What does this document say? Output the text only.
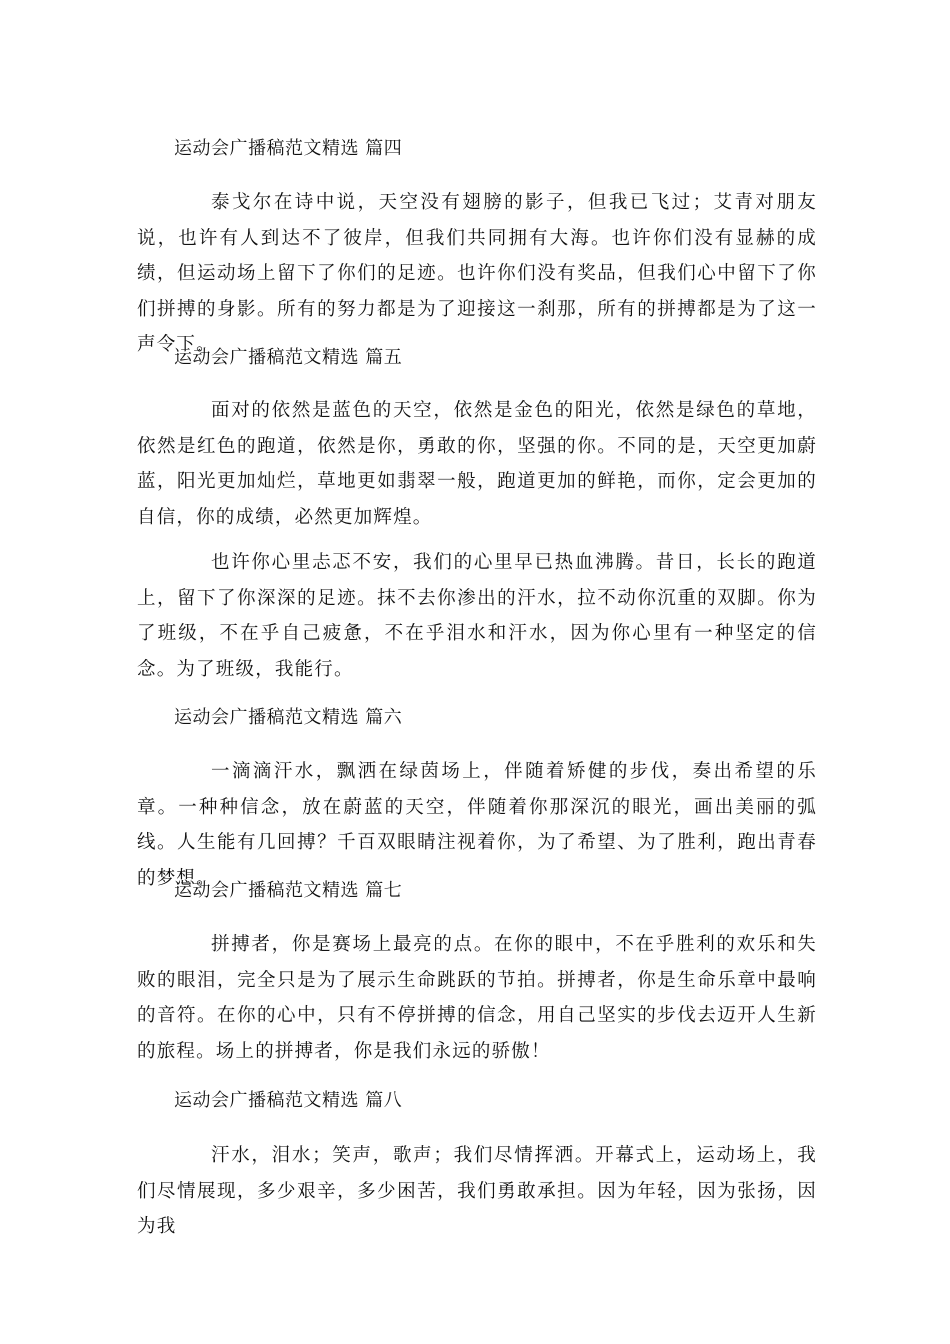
运动会广播稿范文精选 篇四

泰戈尔在诗中说，天空没有翅膀的影子，但我已飞过；艾青对朋友说，也许有人到达不了彼岸，但我们共同拥有大海。也许你们没有显赫的成绩，但运动场上留下了你们的足迹。也许你们没有奖品，但我们心中留下了你们拼搏的身影。所有的努力都是为了迎接这一刹那，所有的拼搏都是为了这一声令下。

运动会广播稿范文精选 篇五

面对的依然是蓝色的天空，依然是金色的阳光，依然是绿色的草地，依然是红色的跑道，依然是你，勇敢的你，坚强的你。不同的是，天空更加蔚蓝，阳光更加灿烂，草地更如翡翠一般，跑道更加的鲜艳，而你，定会更加的自信，你的成绩，必然更加辉煌。

也许你心里忐忑不安，我们的心里早已热血沸腾。昔日，长长的跑道上，留下了你深深的足迹。抹不去你渗出的汗水，拉不动你沉重的双脚。你为了班级，不在乎自己疲惫，不在乎泪水和汗水，因为你心里有一种坚定的信念。为了班级，我能行。

运动会广播稿范文精选 篇六

一滴滴汗水，飘洒在绿茵场上，伴随着矫健的步伐，奏出希望的乐章。一种种信念，放在蔚蓝的天空，伴随着你那深沉的眼光，画出美丽的弧线。人生能有几回搏？千百双眼睛注视着你，为了希望、为了胜利，跑出青春的梦想。

运动会广播稿范文精选 篇七

拼搏者，你是赛场上最亮的点。在你的眼中，不在乎胜利的欢乐和失败的眼泪，完全只是为了展示生命跳跃的节拍。拼搏者，你是生命乐章中最响的音符。在你的心中，只有不停拼搏的信念，用自己坚实的步伐去迈开人生新的旅程。场上的拼搏者，你是我们永远的骄傲！

运动会广播稿范文精选 篇八

汗水，泪水；笑声，歌声；我们尽情挥洒。开幕式上，运动场上，我们尽情展现，多少艰辛，多少困苦，我们勇敢承担。因为年轻，因为张扬，因为我
